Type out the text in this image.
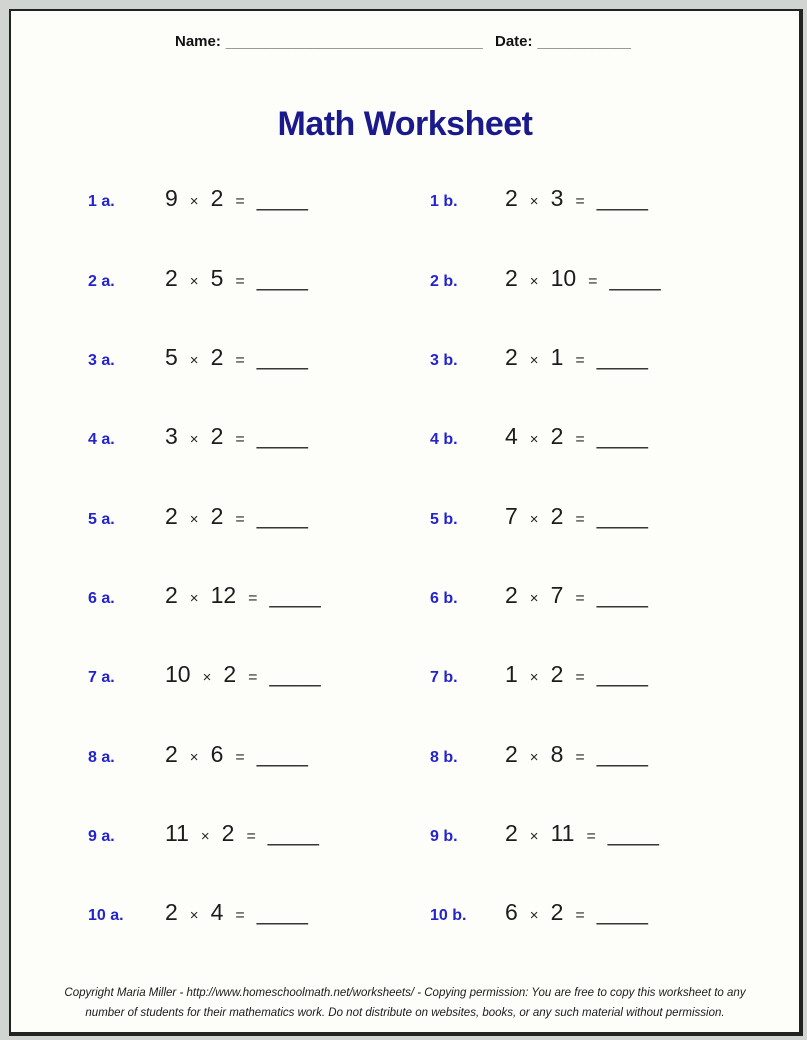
Name: _________________________________ Date: ____________
Math Worksheet
1 a.	9 × 2 = ____	1 b.	2 × 3 = ____
2 a.	2 × 5 = ____	2 b.	2 × 10 = ____
3 a.	5 × 2 = ____	3 b.	2 × 1 = ____
4 a.	3 × 2 = ____	4 b.	4 × 2 = ____
5 a.	2 × 2 = ____	5 b.	7 × 2 = ____
6 a.	2 × 12 = ____	6 b.	2 × 7 = ____
7 a.	10 × 2 = ____	7 b.	1 × 2 = ____
8 a.	2 × 6 = ____	8 b.	2 × 8 = ____
9 a.	11 × 2 = ____	9 b.	2 × 11 = ____
10 a.	2 × 4 = ____	10 b.	6 × 2 = ____
Copyright Maria Miller - http://www.homeschoolmath.net/worksheets/ - Copying permission: You are free to copy this worksheet to any
number of students for their mathematics work. Do not distribute on websites, books, or any such material without permission.
